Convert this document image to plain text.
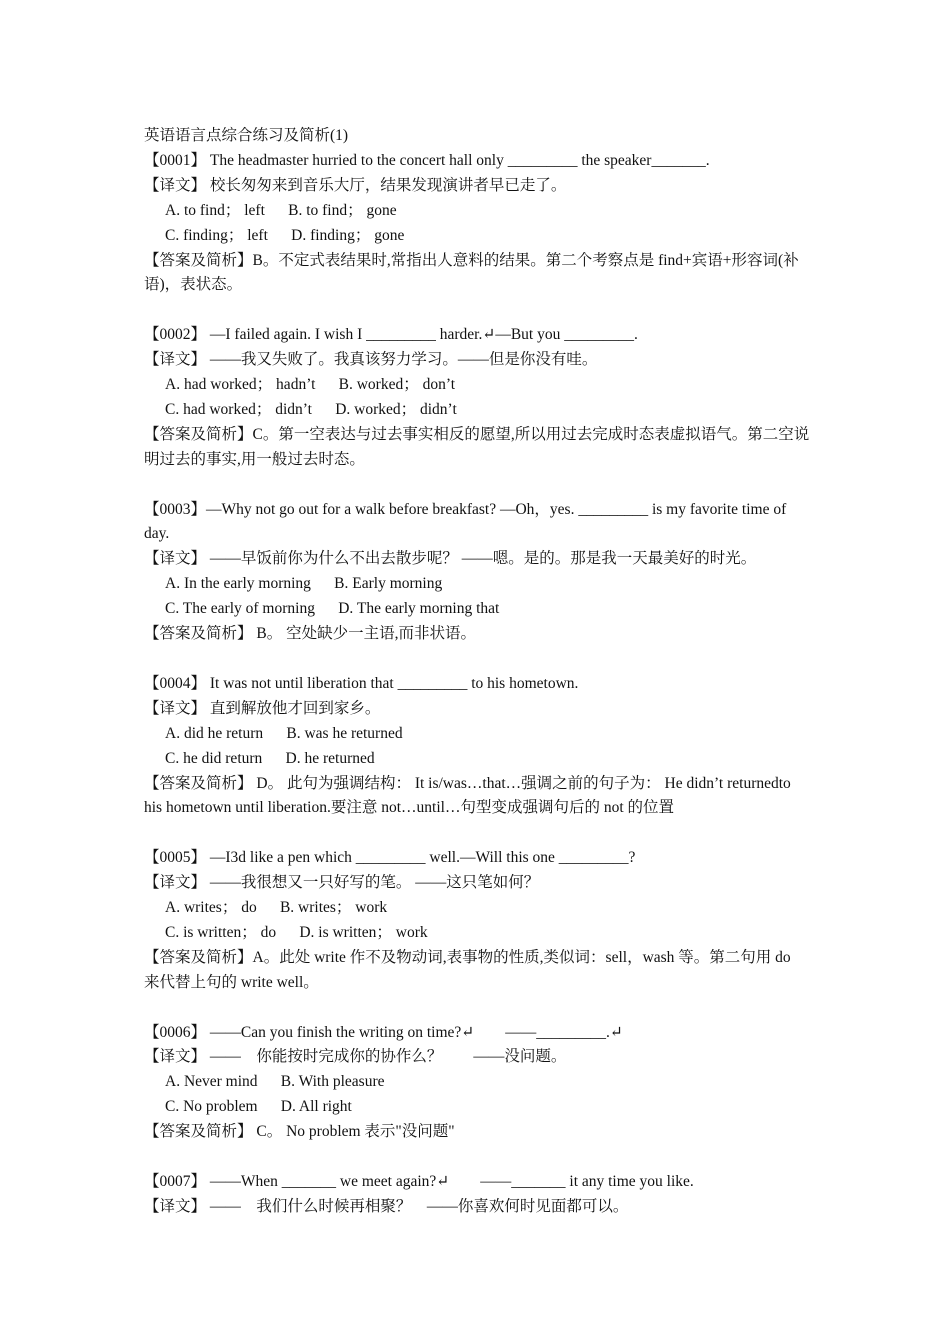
英语语言点综合练习及简析(1)
【0001】 The headmaster hurried to the concert hall only _________ the speaker_______.
【译文】 校长匆匆来到音乐大厅，结果发现演讲者早已走了。
A. to find； left      B. to find； gone
C. finding； left      D. finding； gone
【答案及简析】B。不定式表结果时,常指出人意料的结果。第二个考察点是 find+宾语+形容词(补语)，表状态。
【0002】 —I failed again. I wish I _________ harder.↵—But you _________.
【译文】 ——我又失败了。我真该努力学习。——但是你没有哇。
A. had worked； hadn’t      B. worked； don’t
C. had worked； didn’t      D. worked； didn’t
【答案及简析】C。第一空表达与过去事实相反的愿望,所以用过去完成时态表虚拟语气。第二空说明过去的事实,用一般过去时态。
【0003】—Why not go out for a walk before breakfast? —Oh，yes. _________ is my favorite time of day.
【译文】 ——早饭前你为什么不出去散步呢？ ——嗯。是的。那是我一天最美好的时光。
A. In the early morning      B. Early morning
C. The early of morning      D. The early morning that
【答案及简析】 B。 空处缺少一主语,而非状语。
【0004】 It was not until liberation that _________ to his hometown.
【译文】 直到解放他才回到家乡。
A. did he return      B. was he returned
C. he did return      D. he returned
【答案及简析】 D。 此句为强调结构： It is/was…that…强调之前的句子为： He didn’t returnedto his hometown until liberation.要注意 not…until…句型变成强调句后的 not 的位置
【0005】 —I3d like a pen which _________ well.—Will this one _________?
【译文】 ——我很想又一只好写的笔。 ——这只笔如何？
A. writes； do      B. writes； work
C. is written； do      D. is written； work
【答案及简析】A。此处 write 作不及物动词,表事物的性质,类似词：sell，wash 等。第二句用 do 来代替上句的 write well。
【0006】 ——Can you finish the writing on time?↵        ——_________.↵
【译文】 ——    你能按时完成你的协作么？        ——没问题。
A. Never mind      B. With pleasure
C. No problem      D. All right
【答案及简析】 C。 No problem 表示"没问题"
【0007】 ——When _______ we meet again?↵        ——_______ it any time you like.
【译文】 ——    我们什么时候再相聚？    ——你喜欢何时见面都可以。
